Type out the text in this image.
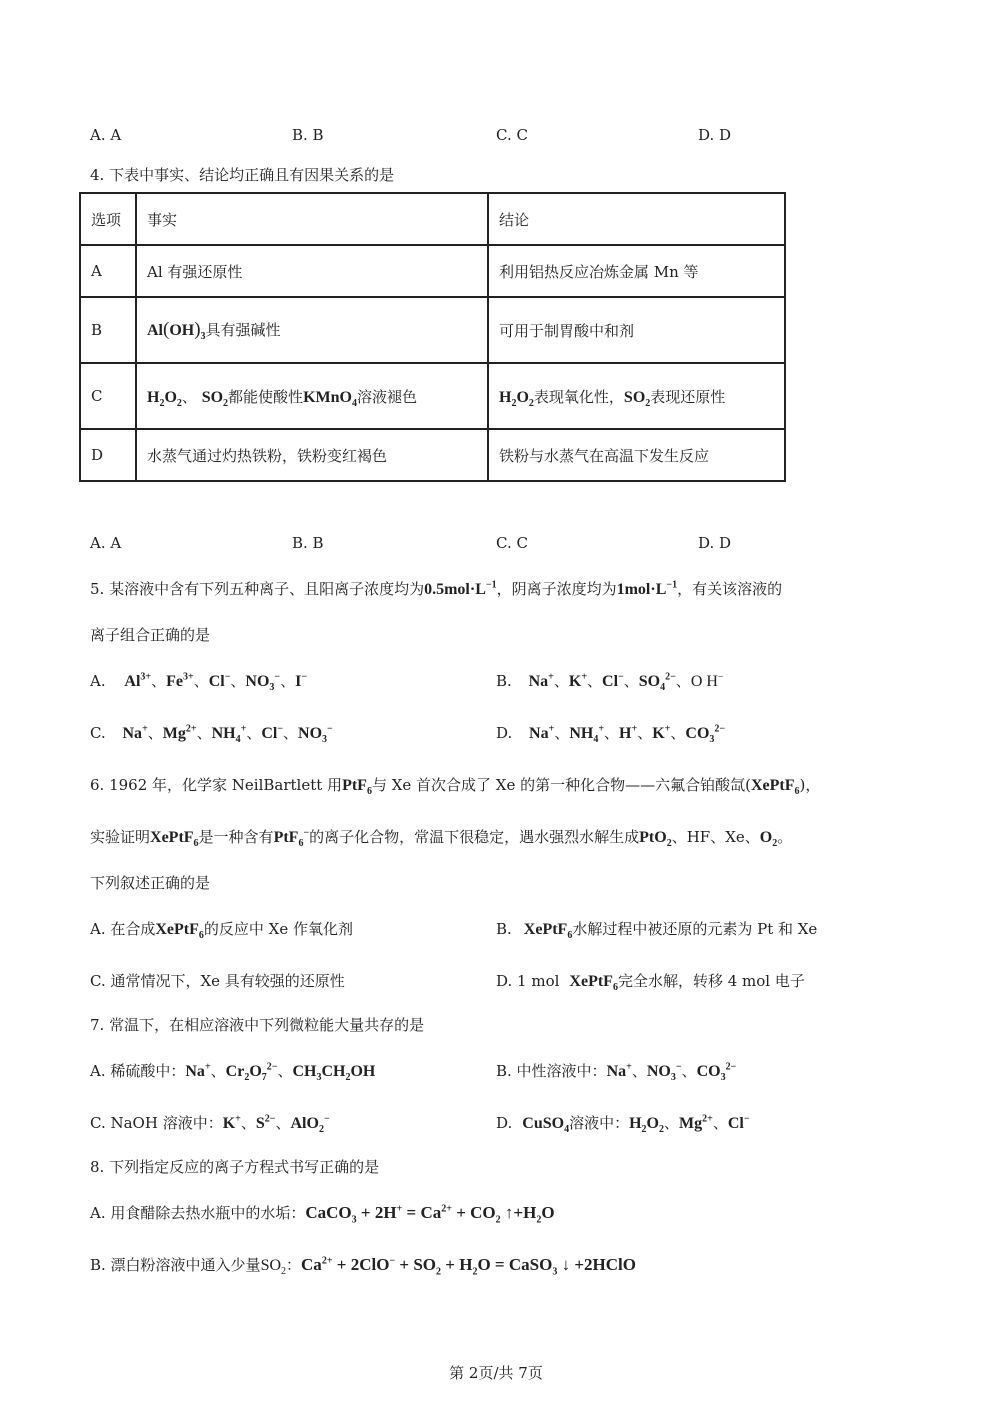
A. A	B. B	C. C	D. D
4. 下表中事实、结论均正确且有因果关系的是
选项	事实	结论
A	Al 有强还原性	利用铝热反应冶炼金属 Mn 等
B	$Al(OH)_3$具有强碱性	可用于制胃酸中和剂
C	$H_2O_2$、 $SO_2$都能使酸性KMnO$_4$溶液褪色	$H_2O_2$表现氧化性，$SO_2$表现还原性
D	水蒸气通过灼热铁粉，铁粉变红褐色	铁粉与水蒸气在高温下发生反应
A. A	B. B	C. C	D. D
5. 某溶液中含有下列五种离子、且阳离子浓度均为$0.5mol\cdot L^{-1}$，阴离子浓度均为$1mol\cdot L^{-1}$，有关该溶液的
离子组合正确的是
A. $Al^{3+}$、$Fe^{3+}$、Cl−、$NO_3^-$、I−	B. Na+、K+、Cl−、$SO_4^{2-}$、O H−
C. Na+、$Mg^{2+}$、$NH_4^+$、Cl−、$NO_3^-$	D. Na+、$NH_4^+$、H+、K+、$CO_3^{2-}$
6. 1962 年，化学家 NeilBartlett 用PtF$_6$与 Xe 首次合成了 Xe 的第一种化合物——六氟合铂酸氙(XePtF$_6$)，
实验证明XePtF$_6$是一种含有PtF$_6$−的离子化合物，常温下很稳定，遇水强烈水解生成PtO$_2$、HF、Xe、$O_2$。
下列叙述正确的是
A. 在合成XePtF$_6$的反应中 Xe 作氧化剂	B. XePtF$_6$水解过程中被还原的元素为 Pt 和 Xe
C. 通常情况下，Xe 具有较强的还原性	D. 1 mol XePtF$_6$完全水解，转移 4 mol 电子
7. 常温下，在相应溶液中下列微粒能大量共存的是
A. 稀硫酸中：Na+、$Cr_2O_7^{2-}$、$CH_3CH_2OH$	B. 中性溶液中：Na+、$NO_3^-$、$CO_3^{2-}$
C. NaOH 溶液中：K+、$S^{2-}$、AlO$_2$−	D. CuSO$_4$溶液中：$H_2O_2$、$Mg^{2+}$、Cl−
8. 下列指定反应的离子方程式书写正确的是
A. 用食醋除去热水瓶中的水垢：CaCO$_3$ + $2H^+ = Ca^{2+} + CO_2$ $↑+H_2O$
B. 漂白粉溶液中通入少量$SO_2$：$Ca^{2+} + 2ClO^- + SO_2 + H_2O$ = CaSO$_3$ ↓ +2HClO
第 2页/共 7页
